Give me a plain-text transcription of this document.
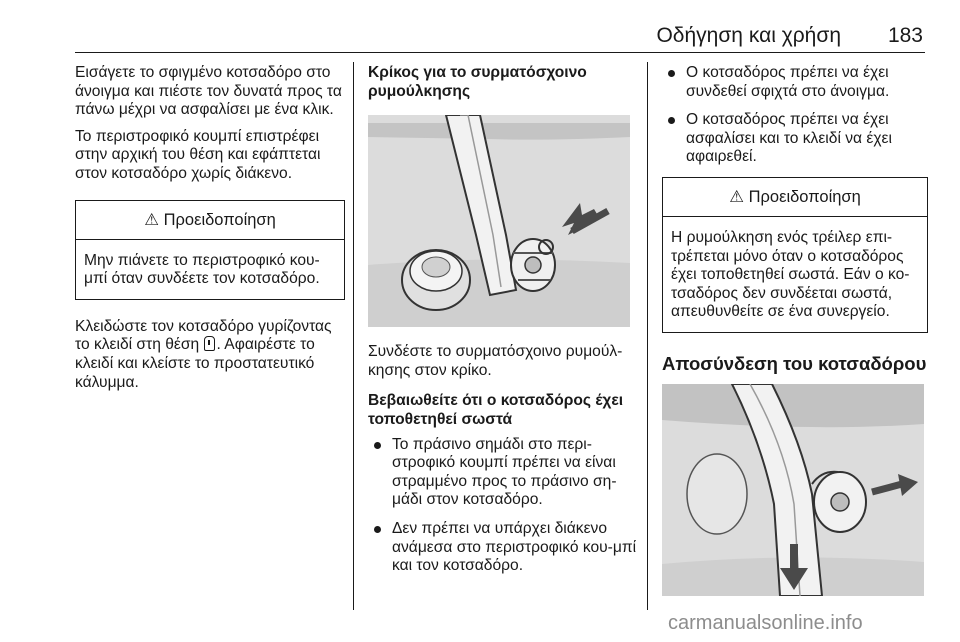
Οδήγηση και χρήση 183

Εισάγετε το σφιγμένο κοτσαδόρο στο άνοιγμα και πιέστε τον δυνατά προς τα πάνω μέχρι να ασφαλίσει με ένα κλικ.

Το περιστροφικό κουμπί επιστρέφει στην αρχική του θέση και εφάπτεται στον κοτσαδόρο χωρίς διάκενο.

⚠ Προειδοποίηση
Μην πιάνετε το περιστροφικό κου-μπί όταν συνδέετε τον κοτσαδόρο.

Κλειδώστε τον κοτσαδόρο γυρίζοντας το κλειδί στη θέση . Αφαιρέστε το κλειδί και κλείστε το προστατευτικό κάλυμμα.

Κρίκος για το συρματόσχοινο ρυμούλκησης

Συνδέστε το συρματόσχοινο ρυμούλ-κησης στον κρίκο.

Βεβαιωθείτε ότι ο κοτσαδόρος έχει τοποθετηθεί σωστά

Το πράσινο σημάδι στο περι-στροφικό κουμπί πρέπει να είναι στραμμένο προς το πράσινο ση-μάδι στον κοτσαδόρο.
Δεν πρέπει να υπάρχει διάκενο ανάμεσα στο περιστροφικό κου-μπί και τον κοτσαδόρο.
Ο κοτσαδόρος πρέπει να έχει συνδεθεί σφιχτά στο άνοιγμα.
Ο κοτσαδόρος πρέπει να έχει ασφαλίσει και το κλειδί να έχει αφαιρεθεί.
⚠ Προειδοποίηση
Η ρυμούλκηση ενός τρέιλερ επι-τρέπεται μόνο όταν ο κοτσαδόρος έχει τοποθετηθεί σωστά. Εάν ο κο-τσαδόρος δεν συνδέεται σωστά, απευθυνθείτε σε ένα συνεργείο.
Αποσύνδεση του κοτσαδόρου
carmanualsonline.info
